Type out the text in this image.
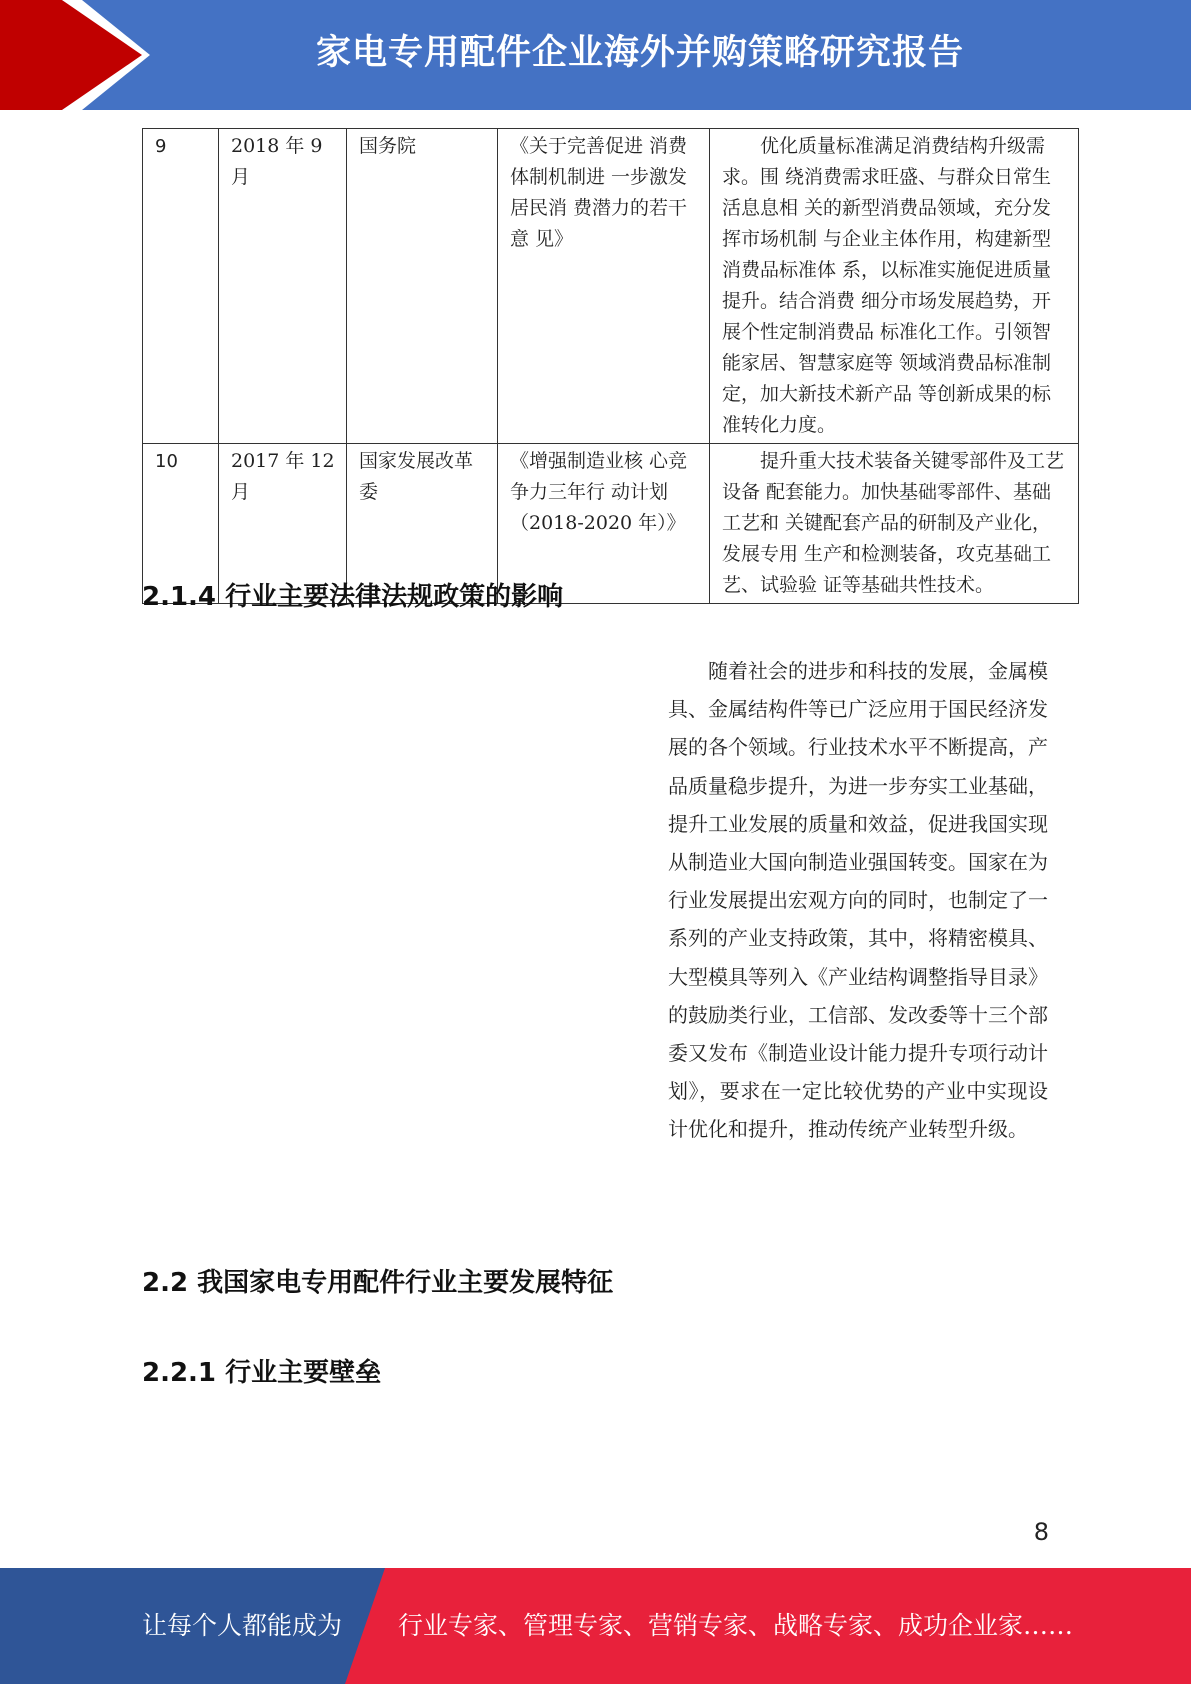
家电专用配件企业海外并购策略研究报告
9	2018 年 9 月	国务院	《关于完善促进 消费体制机制进 一步激发居民消 费潜力的若干意 见》	优化质量标准满足消费结构升级需求。围 绕消费需求旺盛、与群众日常生活息息相 关的新型消费品领域，充分发挥市场机制 与企业主体作用，构建新型消费品标准体 系，以标准实施促进质量提升。结合消费 细分市场发展趋势，开展个性定制消费品 标准化工作。引领智能家居、智慧家庭等 领域消费品标准制定，加大新技术新产品 等创新成果的标准转化力度。
10	2017 年 12 月	国家发展改革委	《增强制造业核 心竞争力三年行 动计划（2018-2020 年）》	提升重大技术装备关键零部件及工艺设备 配套能力。加快基础零部件、基础工艺和 关键配套产品的研制及产业化，发展专用 生产和检测装备，攻克基础工艺、试验验 证等基础共性技术。
2.1.4 行业主要法律法规政策的影响
随着社会的进步和科技的发展，金属模具、金属结构件等已广泛应用于国民经济发展的各个领域。行业技术水平不断提高，产品质量稳步提升，为进一步夯实工业基础，提升工业发展的质量和效益，促进我国实现从制造业大国向制造业强国转变。国家在为行业发展提出宏观方向的同时，也制定了一系列的产业支持政策，其中，将精密模具、大型模具等列入《产业结构调整指导目录》的鼓励类行业，工信部、发改委等十三个部委又发布《制造业设计能力提升专项行动计划》，要求在一定比较优势的产业中实现设计优化和提升，推动传统产业转型升级。
2.2 我国家电专用配件行业主要发展特征
2.2.1 行业主要壁垒
8
让每个人都能成为 行业专家、管理专家、营销专家、战略专家、成功企业家……
